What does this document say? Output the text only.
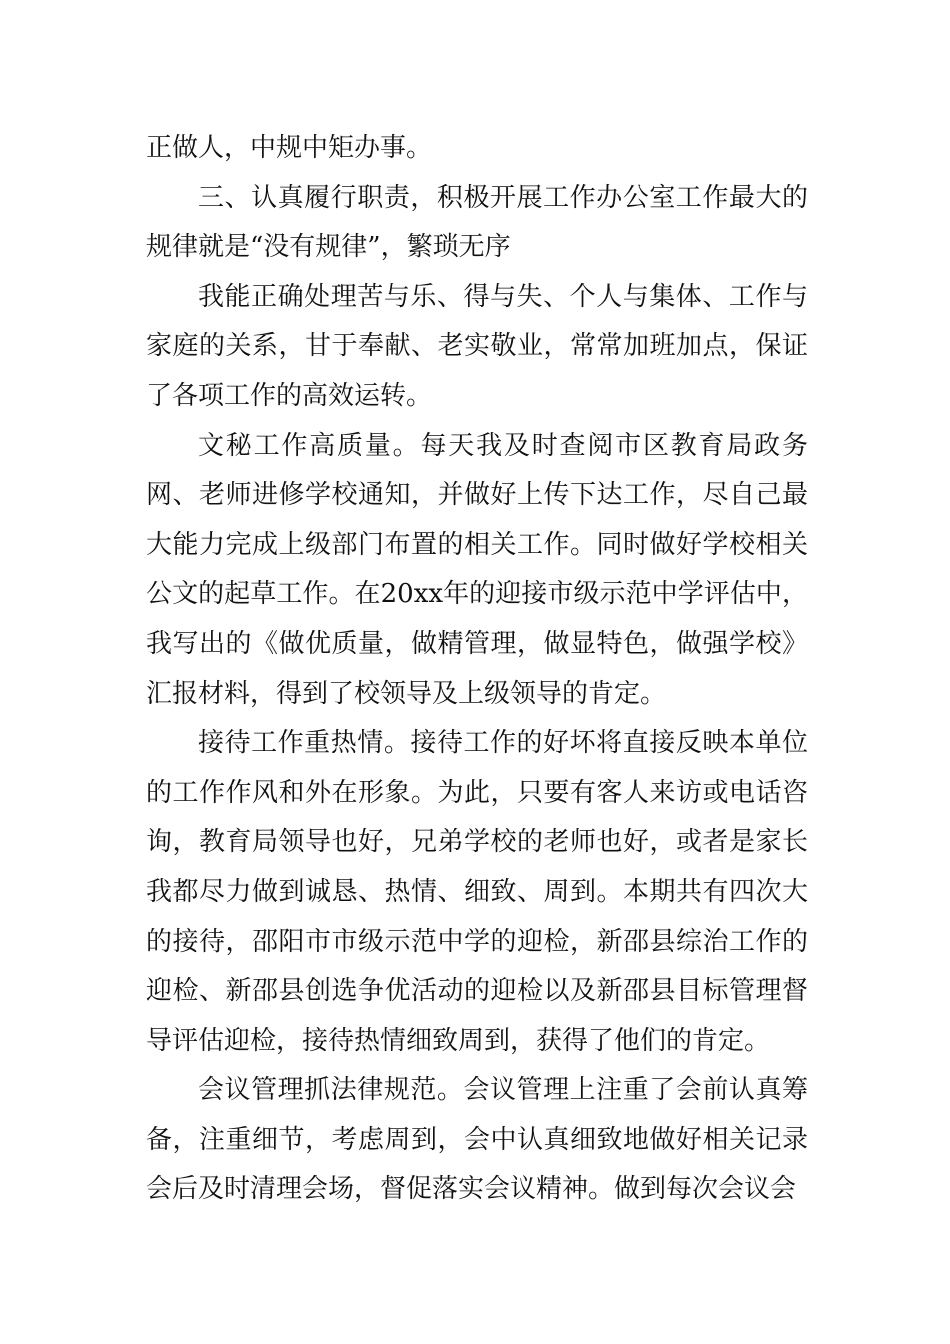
正做人，中规中矩办事。

三、认真履行职责，积极开展工作办公室工作最大的规律就是“没有规律”，繁琐无序

我能正确处理苦与乐、得与失、个人与集体、工作与家庭的关系，甘于奉献、老实敬业，常常加班加点，保证了各项工作的高效运转。

文秘工作高质量。每天我及时查阅市区教育局政务网、老师进修学校通知，并做好上传下达工作，尽自己最大能力完成上级部门布置的相关工作。同时做好学校相关公文的起草工作。在20xx年的迎接市级示范中学评估中，我写出的《做优质量，做精管理，做显特色，做强学校》汇报材料，得到了校领导及上级领导的肯定。

接待工作重热情。接待工作的好坏将直接反映本单位的工作作风和外在形象。为此，只要有客人来访或电话咨询，教育局领导也好，兄弟学校的老师也好，或者是家长我都尽力做到诚恳、热情、细致、周到。本期共有四次大的接待，邵阳市市级示范中学的迎检，新邵县综治工作的迎检、新邵县创选争优活动的迎检以及新邵县目标管理督导评估迎检，接待热情细致周到，获得了他们的肯定。

会议管理抓法律规范。会议管理上注重了会前认真筹备，注重细节，考虑周到，会中认真细致地做好相关记录会后及时清理会场，督促落实会议精神。做到每次会议会
